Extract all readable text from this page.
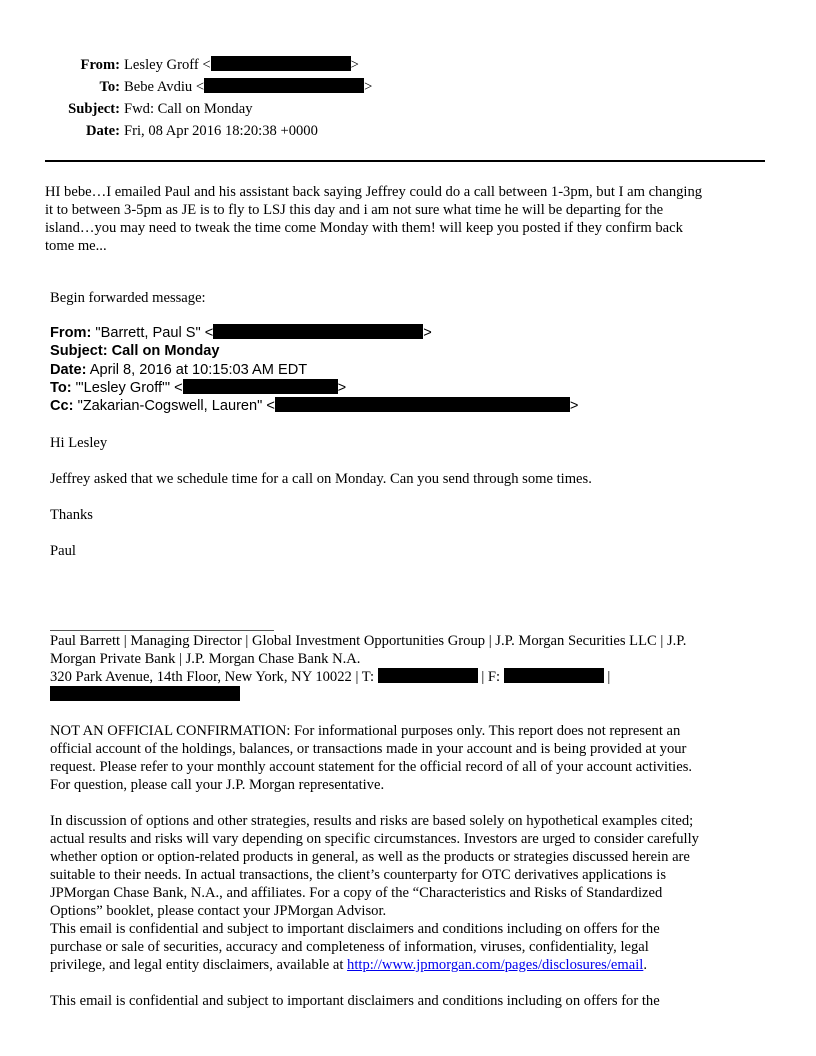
From: Lesley Groff <	>
To: Bebe Avdiu <	>
Subject: Fwd: Call on Monday
Date: Fri, 08 Apr 2016 18:20:38 +0000
HI bebe…I emailed Paul and his assistant back saying Jeffrey could do a call between 1-3pm, but I am changing
it to between 3-5pm as JE is to fly to LSJ this day and i am not sure what time he will be departing for the
island…you may need to tweak the time come Monday with them! will keep you posted if they confirm back
tome me...
Begin forwarded message:
From: "Barrett, Paul S" <	>
Subject: Call on Monday
Date: April 8, 2016 at 10:15:03 AM EDT
To: "'Lesley Groff'" <	>
Cc: "Zakarian-Cogswell, Lauren" <	>
Hi Lesley
Jeffrey asked that we schedule time for a call on Monday. Can you send through some times.
Thanks
Paul
Paul Barrett | Managing Director | Global Investment Opportunities Group | J.P. Morgan Securities LLC | J.P.
Morgan Private Bank | J.P. Morgan Chase Bank N.A.
320 Park Avenue, 14th Floor, New York, NY 10022 | T:	| F:	|
NOT AN OFFICIAL CONFIRMATION: For informational purposes only. This report does not represent an
official account of the holdings, balances, or transactions made in your account and is being provided at your
request. Please refer to your monthly account statement for the official record of all of your account activities.
For question, please call your J.P. Morgan representative.
In discussion of options and other strategies, results and risks are based solely on hypothetical examples cited;
actual results and risks will vary depending on specific circumstances. Investors are urged to consider carefully
whether option or option-related products in general, as well as the products or strategies discussed herein are
suitable to their needs. In actual transactions, the client’s counterparty for OTC derivatives applications is
JPMorgan Chase Bank, N.A., and affiliates. For a copy of the “Characteristics and Risks of Standardized
Options” booklet, please contact your JPMorgan Advisor.
This email is confidential and subject to important disclaimers and conditions including on offers for the
purchase or sale of securities, accuracy and completeness of information, viruses, confidentiality, legal
privilege, and legal entity disclaimers, available at http://www.jpmorgan.com/pages/disclosures/email.
This email is confidential and subject to important disclaimers and conditions including on offers for the
